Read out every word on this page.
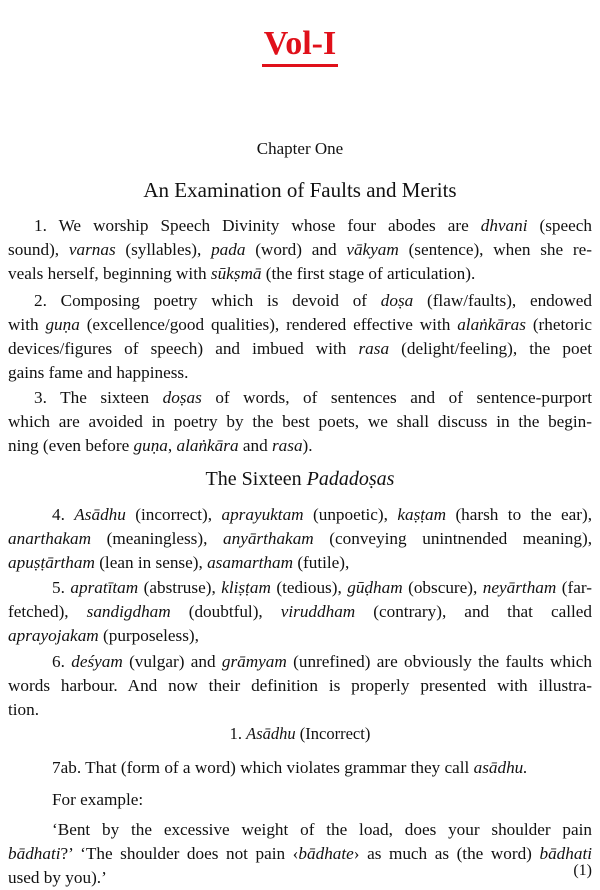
Vol-I
Chapter One
An Examination of Faults and Merits
1. We worship Speech Divinity whose four abodes are dhvani (speech
sound), varnas (syllables), pada (word) and vākyam (sentence), when she re-
veals herself, beginning with sūkṣmā (the first stage of articulation).
2. Composing poetry which is devoid of doṣa (flaw/faults), endowed
with guṇa (excellence/good qualities), rendered effective with alaṅkāras (rhetoric
devices/figures of speech) and imbued with rasa (delight/feeling), the poet
gains fame and happiness.
3. The sixteen doṣas of words, of sentences and of sentence-purport
which are avoided in poetry by the best poets, we shall discuss in the begin-
ning (even before guṇa, alaṅkāra and rasa).
The Sixteen Padadoṣas
4. Asādhu (incorrect), aprayuktam (unpoetic), kaṣṭam (harsh to the ear),
anarthakam (meaningless), anyārthakam (conveying unintnended meaning),
apuṣṭārtham (lean in sense), asamartham (futile),
5. apratītam (abstruse), kliṣṭam (tedious), gūḍham (obscure), neyārtham (far-
fetched), sandigdham (doubtful), viruddham (contrary), and that called
aprayojakam (purposeless),
6. deśyam (vulgar) and grāmyam (unrefined) are obviously the faults which
words harbour. And now their definition is properly presented with illustra-
tion.
1. Asādhu (Incorrect)
7ab. That (form of a word) which violates grammar they call asādhu.
For example:
‘Bent by the excessive weight of the load, does your shoulder pain
bādhati?’ ‘The shoulder does not pain ‹bādhate› as much as (the word) bādhati
used by you).’	(1)
